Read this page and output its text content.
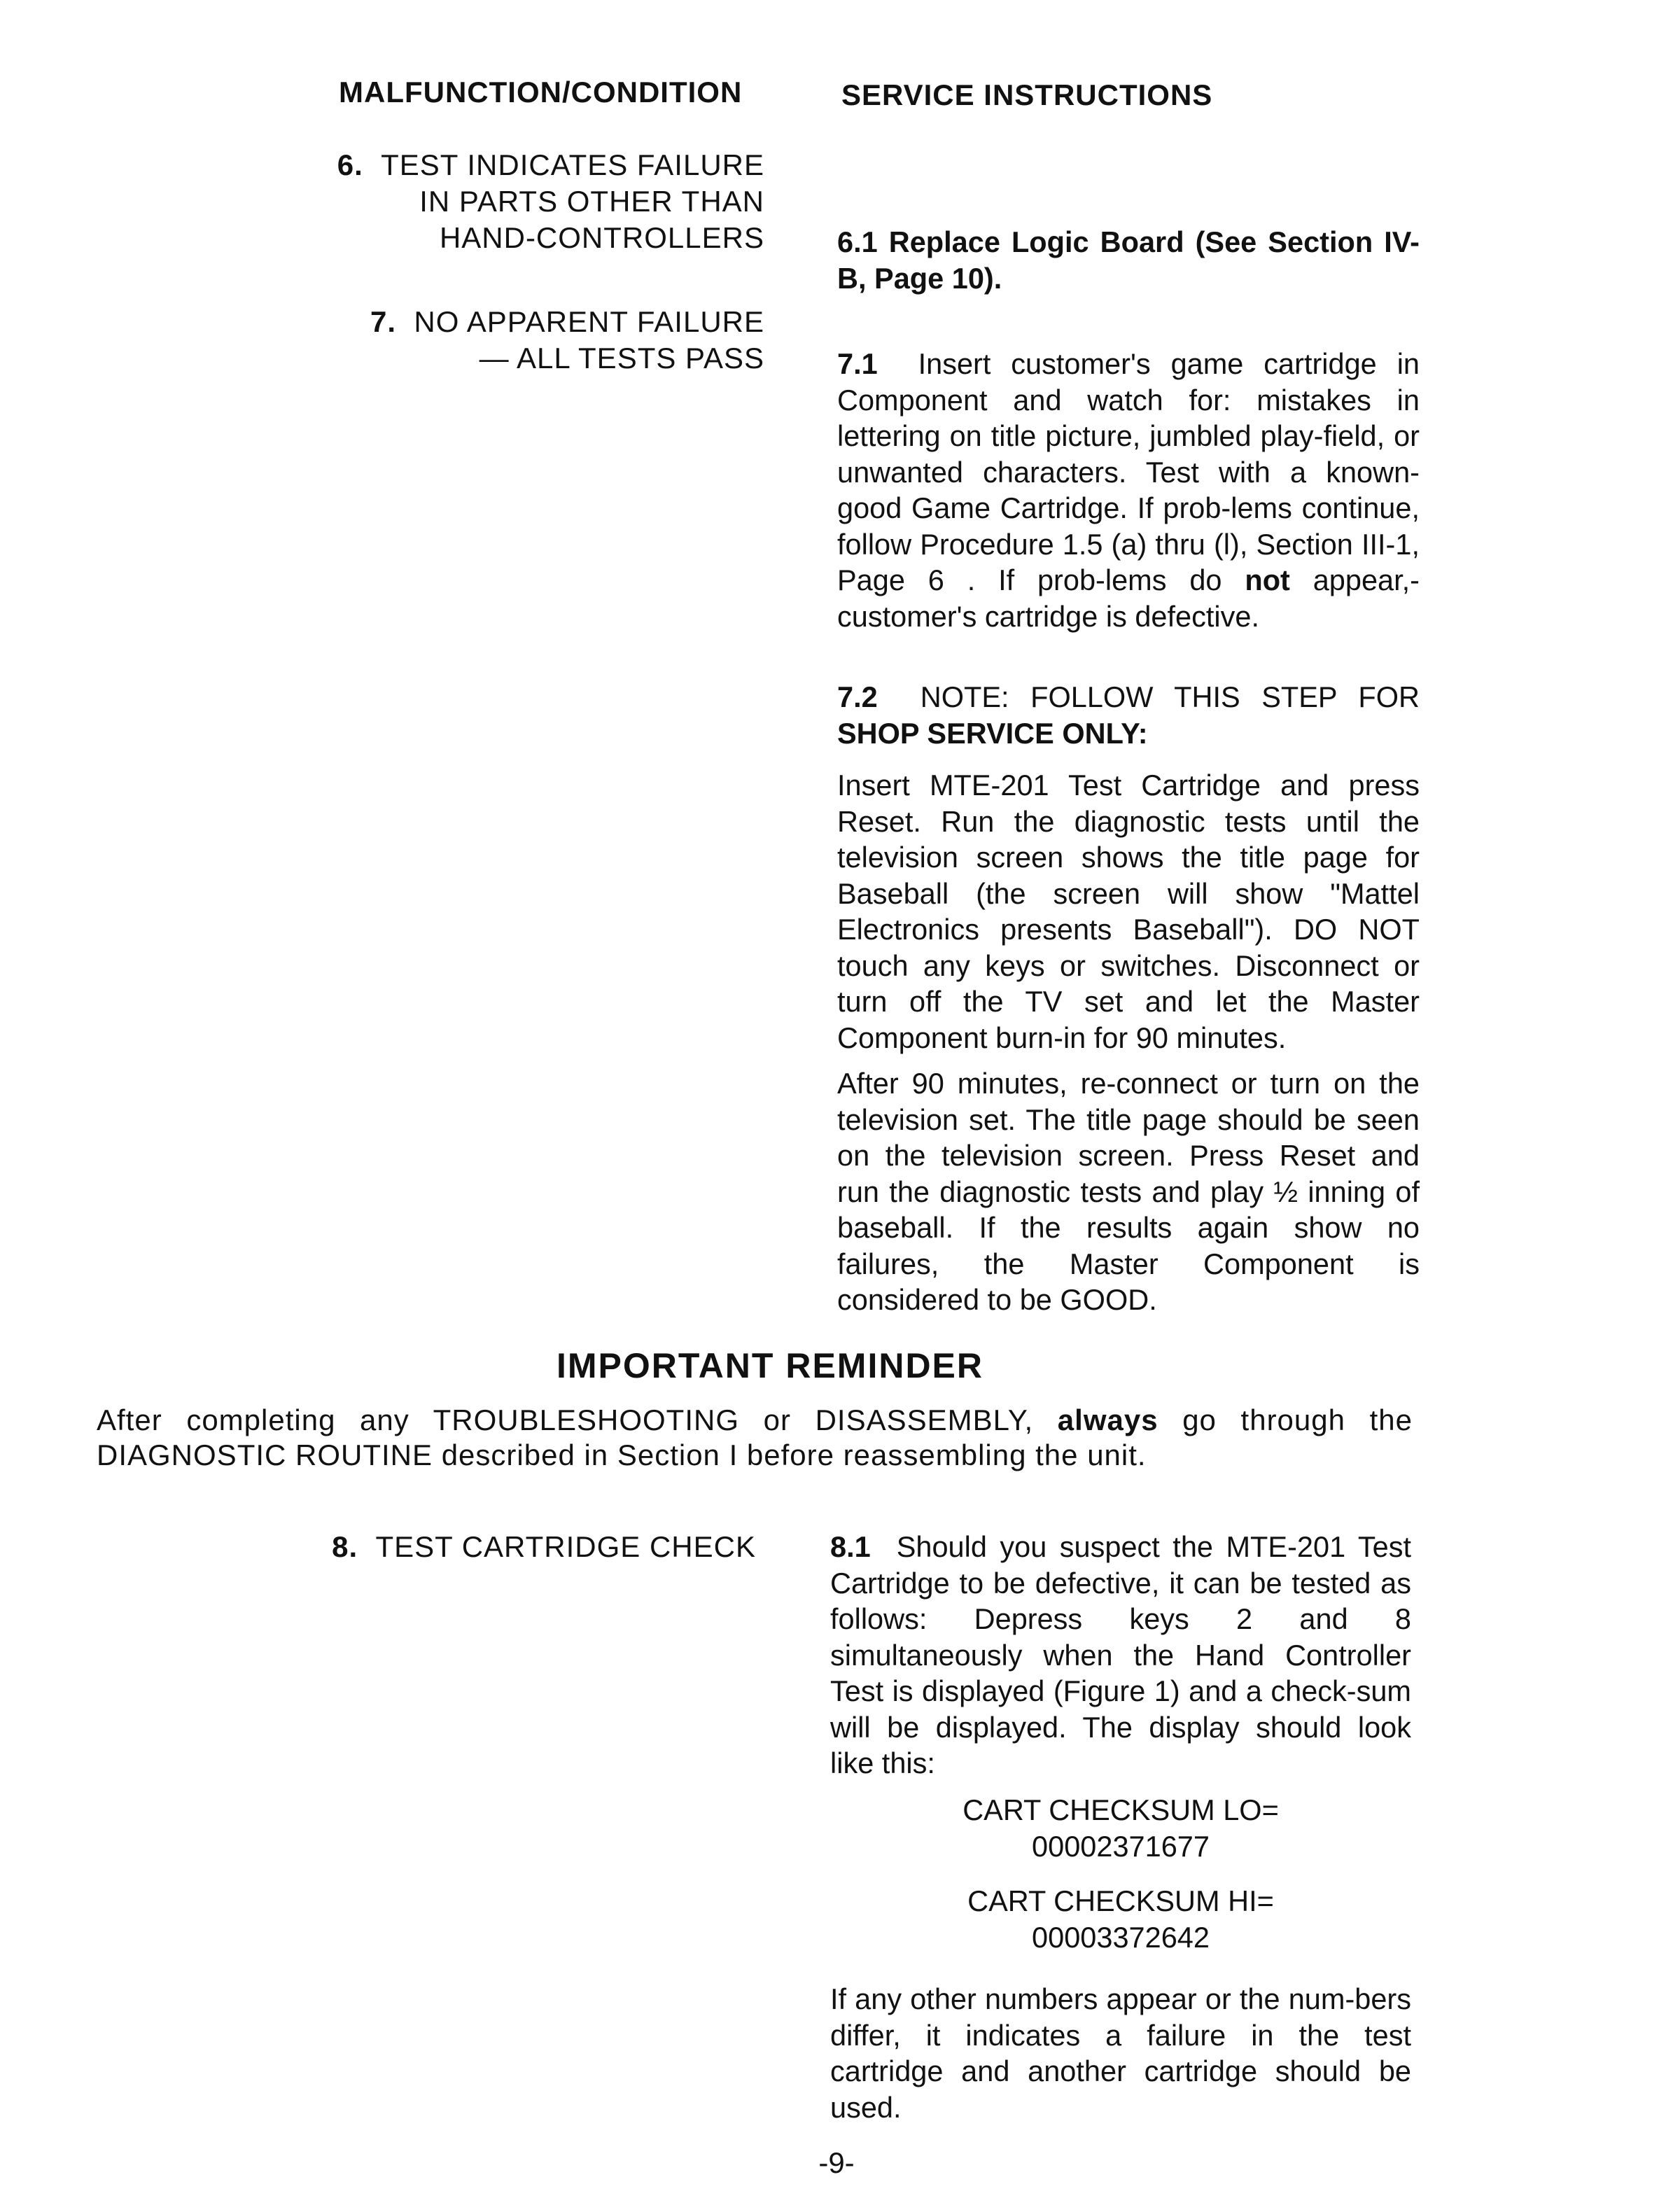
MALFUNCTION/CONDITION	SERVICE INSTRUCTIONS
6. TEST INDICATES FAILURE
IN PARTS OTHER THAN
HAND-CONTROLLERS	6.1 Replace Logic Board (See Section IV-B, Page 10).
7. NO APPARENT FAILURE
— ALL TESTS PASS	7.1 Insert customer's game cartridge in Component and watch for: mistakes in lettering on title picture, jumbled play-field, or unwanted characters. Test with a known-good Game Cartridge. If prob-lems continue, follow Procedure 1.5 (a) thru (l), Section III-1, Page 6 . If prob-lems do not appear,-customer's cartridge is defective.
7.2 NOTE: FOLLOW THIS STEP FOR
SHOP SERVICE ONLY:
Insert MTE-201 Test Cartridge and press Reset. Run the diagnostic tests until the television screen shows the title page for Baseball (the screen will show "Mattel Electronics presents Baseball"). DO NOT touch any keys or switches. Disconnect or turn off the TV set and let the Master Component burn-in for 90 minutes.
After 90 minutes, re-connect or turn on the television set. The title page should be seen on the television screen. Press Reset and run the diagnostic tests and play ½ inning of baseball. If the results again show no failures, the Master Component is considered to be GOOD.
IMPORTANT REMINDER
After completing any TROUBLESHOOTING or DISASSEMBLY, always go through the DIAGNOSTIC ROUTINE described in Section I before reassembling the unit.
8. TEST CARTRIDGE CHECK	8.1 Should you suspect the MTE-201 Test Cartridge to be defective, it can be tested as follows: Depress keys 2 and 8 simultaneously when the Hand Controller Test is displayed (Figure 1) and a check-sum will be displayed. The display should look like this:
CART CHECKSUM LO=
00002371677
CART CHECKSUM HI=
00003372642
If any other numbers appear or the num-bers differ, it indicates a failure in the test cartridge and another cartridge should be used.
-9-
